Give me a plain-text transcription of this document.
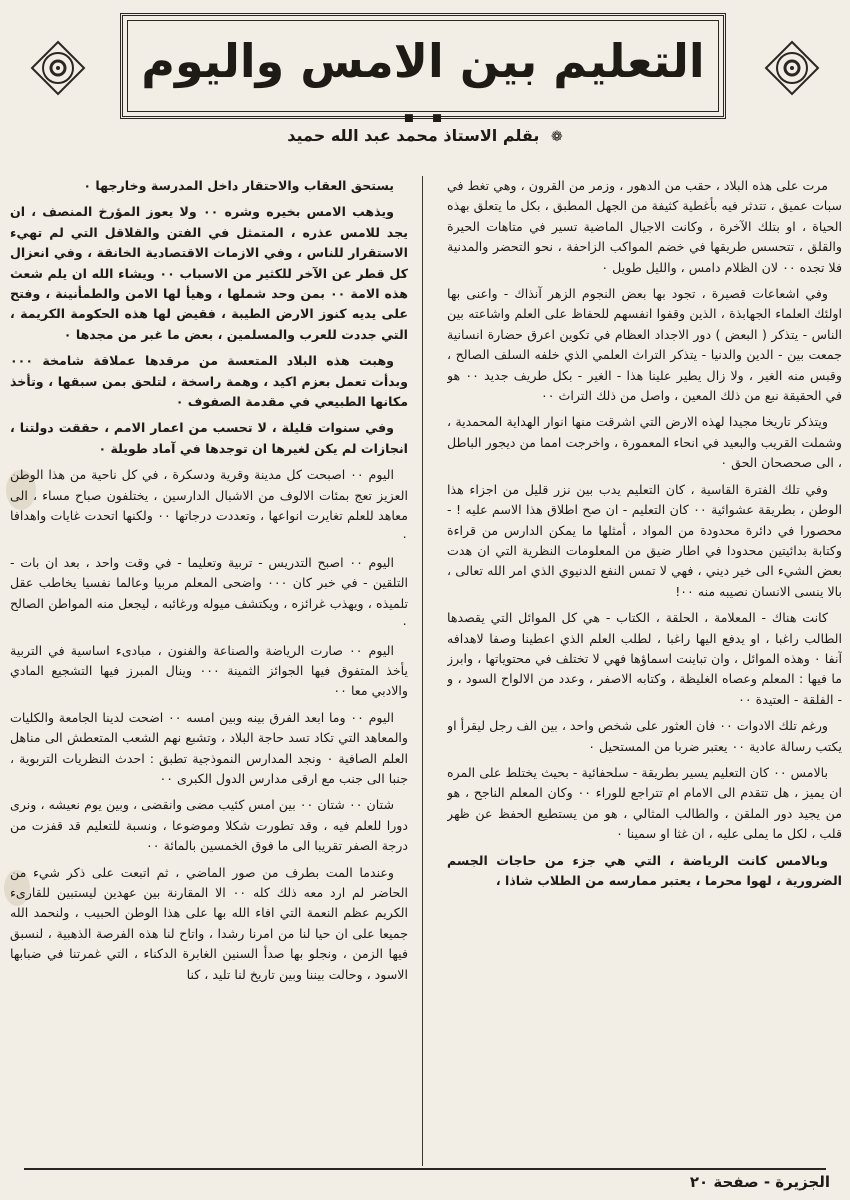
التعليم بين الامس واليوم ٠٠	❁ بقلم الاستاذ محمد عبد الله حميد

مرت على هذه البلاد ، حقب من الدهور ، وزمر من القرون ، وهي تغط في سبات عميق ، تتدثر فيه بأغطية كثيفة من الجهل المطبق ، بكل ما يتعلق بهذه الحياة ، او بتلك الآخرة ، وكانت الاجيال الماضية تسير في متاهات الحيرة والقلق ، تتحسس طريقها في خضم المواكب الزاحفة ، نحو التحضر والمدنية فلا تجده ٠٠ لان الظلام دامس ، والليل طويل ٠

وفي اشعاعات قصيرة ، تجود بها بعض النجوم الزهر آنذاك - واعنى بها اولئك العلماء الجهابذة ، الذين وقفوا انفسهم للحفاظ على العلم واشاعته بين الناس - يتذكر ( البعض ) دور الاجداد العظام في تكوين اعرق حضارة انسانية جمعت بين - الدين والدنيا - يتذكر التراث العلمي الذي خلفه السلف الصالح ، وقبس منه الغير ، ولا زال يطير علينا هذا - الغير - بكل طريف جديد ٠٠ هو في الحقيقة نبع من ذلك المعين ، واصل من ذلك التراث ٠٠

ويتذكر تاريخا مجيدا لهذه الارض التي اشرقت منها انوار الهداية المحمدية ، وشملت القريب والبعيد في انحاء المعمورة ، واخرجت امما من ديجور الباطل ، الى صحصحان الحق ٠

وفي تلك الفترة القاسية ، كان التعليم يدب بين نزر قليل من اجزاء هذا الوطن ، بطريقة عشوائية ٠٠ كان التعليم - ان صح اطلاق هذا الاسم عليه ! - محصورا في دائرة محدودة من المواد ، أمثلها ما يمكن الدارس من قراءة وكتابة بدائيتين محدودا في اطار ضيق من المعلومات النظرية التي ان هدت بعض الشيء الى خير ديني ، فهي لا تمس النفع الدنيوي الذي امر الله تعالى ، بالا ينسى الانسان نصيبه منه ٠٠!

كانت هناك - المعلامة ، الحلقة ، الكتاب - هي كل الموائل التي يقصدها الطالب راغبا ، او يدفع اليها راغبا ، لطلب العلم الذي اعطينا وصفا لاهدافه آنفا ٠ وهذه الموائل ، وان تباينت اسماؤها فهي لا تختلف في محتوياتها ، وابرز ما فيها : المعلم وعصاه الغليظة ، وكتابه الاصفر ، وعدد من الالواح السود ، و - الفلقة - العتيدة ٠٠

ورغم تلك الادوات ٠٠ فان العثور على شخص واحد ، بين الف رجل ليقرأ او يكتب رسالة عادية ٠٠ يعتبر ضربا من المستحيل ٠

بالامس ٠٠ كان التعليم يسير بطريقة - سلحفائية - بحيث يختلط على المره ان يميز ، هل تتقدم الى الامام ام تتراجع للوراء ٠٠ وكان المعلم الناجح ، هو من يجيد دور الملقن ، والطالب المثالي ، هو من يستطيع الحفظ عن ظهر قلب ، لكل ما يملى عليه ، ان غثا او سمينا ٠

وبالامس كانت الرياضة ، التي هي جزء من حاجات الجسم الضرورية ، لهوا محرما ، يعتبر ممارسه من الطلاب شاذا ،

يستحق العقاب والاحتقار داخل المدرسة وخارجها ٠

ويذهب الامس بخيره وشره ٠٠ ولا يعوز المؤرخ المنصف ، ان يجد للامس عذره ، المتمثل في الفتن والقلاقل التي لم تهيء الاستقرار للناس ، وفي الازمات الاقتصادية الخانقة ، وفي انعزال كل قطر عن الآخر للكثير من الاسباب ٠٠ ويشاء الله ان يلم شعث هذه الامة ٠٠ بمن وحد شملها ، وهيأ لها الامن والطمأنينة ، وفتح على يديه كنوز الارض الطيبة ، فقيض لها هذه الحكومة الكريمة ، التي جددت للعرب والمسلمين ، بعض ما غبر من مجدها ٠

وهبت هذه البلاد المتعسة من مرقدها عملاقة شامخة ٠٠٠ وبدأت تعمل بعزم اكيد ، وهمة راسخة ، لتلحق بمن سبقها ، وتأخذ مكانها الطبيعي في مقدمة الصفوف ٠

وفي سنوات قليلة ، لا تحسب من اعمار الامم ، حققت دولتنا ، انجازات لم يكن لغيرها ان توجدها في آماد طويلة ٠

اليوم ٠٠ اصبحت كل مدينة وقرية ودسكرة ، في كل ناحية من هذا الوطن العزيز تعج بمئات الالوف من الاشبال الدارسين ، يختلفون صباح مساء ، الى معاهد للعلم تغايرت انواعها ، وتعددت درجاتها ٠٠ ولكنها اتحدت غايات واهدافا ٠

اليوم ٠٠ اصبح التدريس - تربية وتعليما - في وقت واحد ، بعد ان بات - التلقين - في خبر كان ٠٠٠ واضحى المعلم مربيا وعالما نفسيا يخاطب عقل تلميذه ، ويهذب غرائزه ، ويكتشف ميوله ورغائبه ، ليجعل منه المواطن الصالح ٠

اليوم ٠٠ صارت الرياضة والصناعة والفنون ، مبادىء اساسية في التربية يأخذ المتفوق فيها الجوائز الثمينة ٠٠٠ وينال المبرز فيها التشجيع المادي والادبي معا ٠٠

اليوم ٠٠ وما ابعد الفرق بينه وبين امسه ٠٠ اضحت لدينا الجامعة والكليات والمعاهد التي تكاد تسد حاجة البلاد ، وتشبع نهم الشعب المتعطش الى مناهل العلم الصافية ٠ ونجد المدارس النموذجية تطبق : احدث النظريات التربوية ، جنبا الى جنب مع ارقى مدارس الدول الكبرى ٠٠

شتان ٠٠ شتان ٠٠ بين امس كئيب مضى وانقضى ، وبين يوم نعيشه ، ونرى دورا للعلم فيه ، وقد تطورت شكلا وموضوعا ، ونسبة للتعليم قد قفزت من درجة الصفر تقريبا الى ما فوق الخمسين بالمائة ٠٠

وعندما المت بطرف من صور الماضي ، ثم اتبعت على ذكر شيء من الحاضر لم ارد معه ذلك كله ٠٠ الا المقارنة بين عهدين ليستبين للقارىء الكريم عظم النعمة التي افاء الله بها على هذا الوطن الحبيب ، ولنحمد الله جميعا على ان حيا لنا من امرنا رشدا ، واتاح لنا هذه الفرصة الذهبية ، لنسبق فيها الزمن ، ونجلو بها صدأ السنين الغابرة الدكناء ، التي غمرتنا في ضبابها الاسود ، وحالت بيننا وبين تاريخ لنا تليد ، كنا

الجزيرة - صفحة ٢٠
